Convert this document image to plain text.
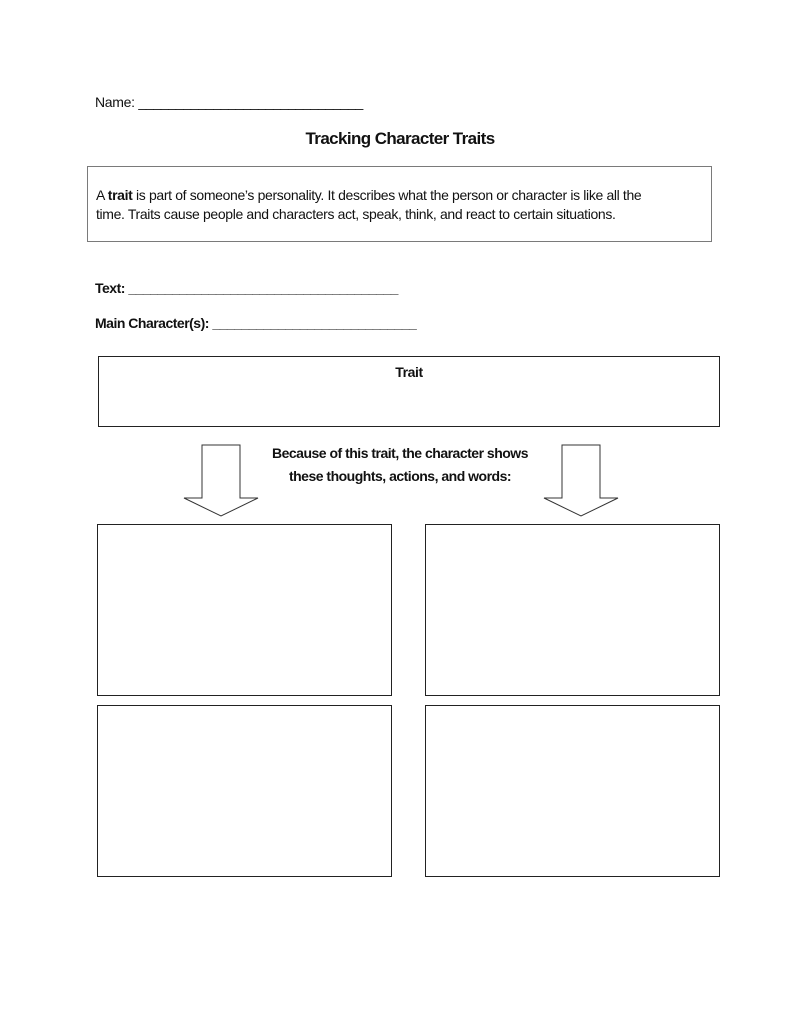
Name: ______________________________
Tracking Character Traits
A trait is part of someone’s personality. It describes what the person or character is like all the
time. Traits cause people and characters act, speak, think, and react to certain situations.
Text: _____________________________________
Main Character(s): ____________________________
Trait
Because of this trait, the character shows
these thoughts, actions, and words:
